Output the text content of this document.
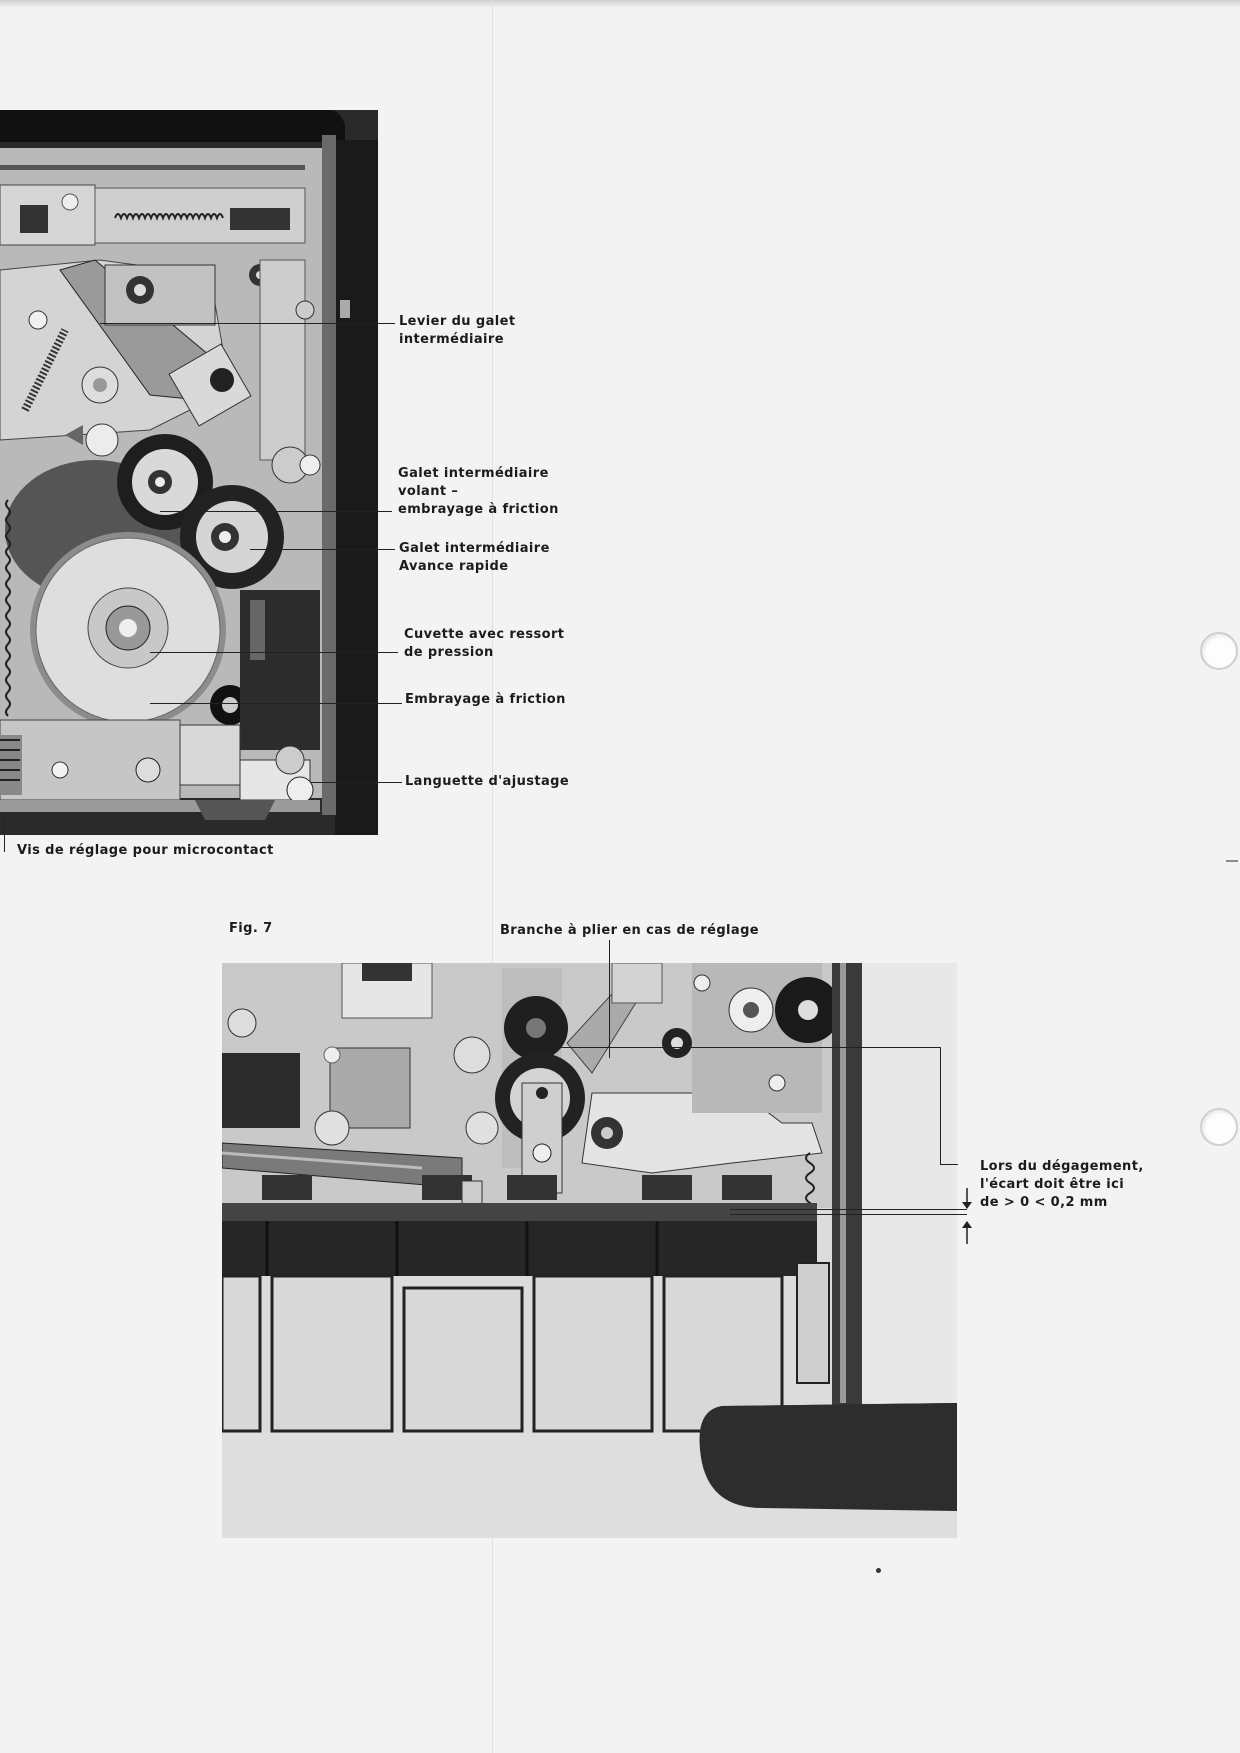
Levier du galet
intermédiaire
Galet intermédiaire
volant –
embrayage à friction
Galet intermédiaire
Avance rapide
Cuvette avec ressort
de pression
Embrayage à friction
Languette d'ajustage
Vis de réglage pour microcontact
Fig. 7	Branche à plier en cas de réglage
Lors du dégagement,
l'écart doit être ici
de > 0 < 0,2 mm
